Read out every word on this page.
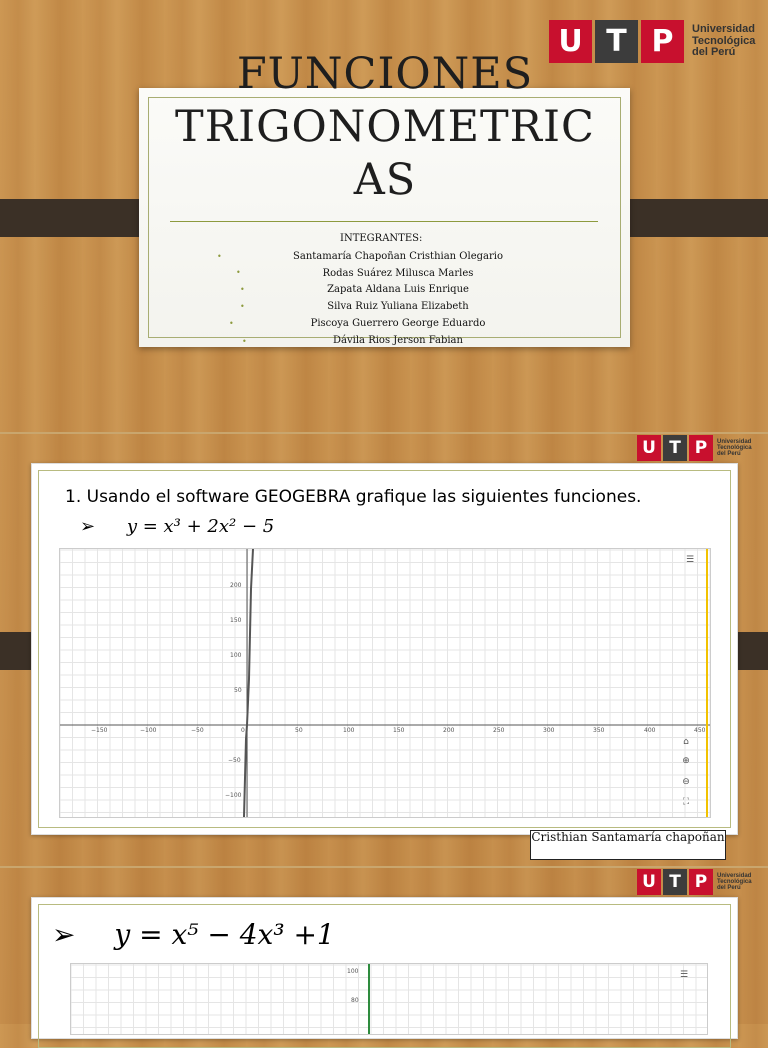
FUNCIONES
TRIGONOMETRIC
AS
INTEGRANTES:
•	Santamaría Chapoñan Cristhian Olegario
•	Rodas Suárez Milusca Marles
•	Zapata Aldana Luis Enrique
•	Silva Ruiz Yuliana Elizabeth
•	Piscoya Guerrero George Eduardo
•	Dávila Rios Jerson Fabian
U T P	Universidad
Tecnológica
del Perú
U T P	Universidad
Tecnológica
del Perú
1. Usando el software GEOGEBRA grafique las siguientes funciones.
➢ y = x³ + 2x² − 5
−150	−100	−50	0	50	100	150	200	250	300	350	400	450
200
150
100
50
−50
−100
☰
⌂
⊕
⊖
⛶
Cristhian Santamaría chapoñan
U T P	Universidad
Tecnológica
del Perú
➢ y = x⁵ − 4x³ +1
100
80
☰
